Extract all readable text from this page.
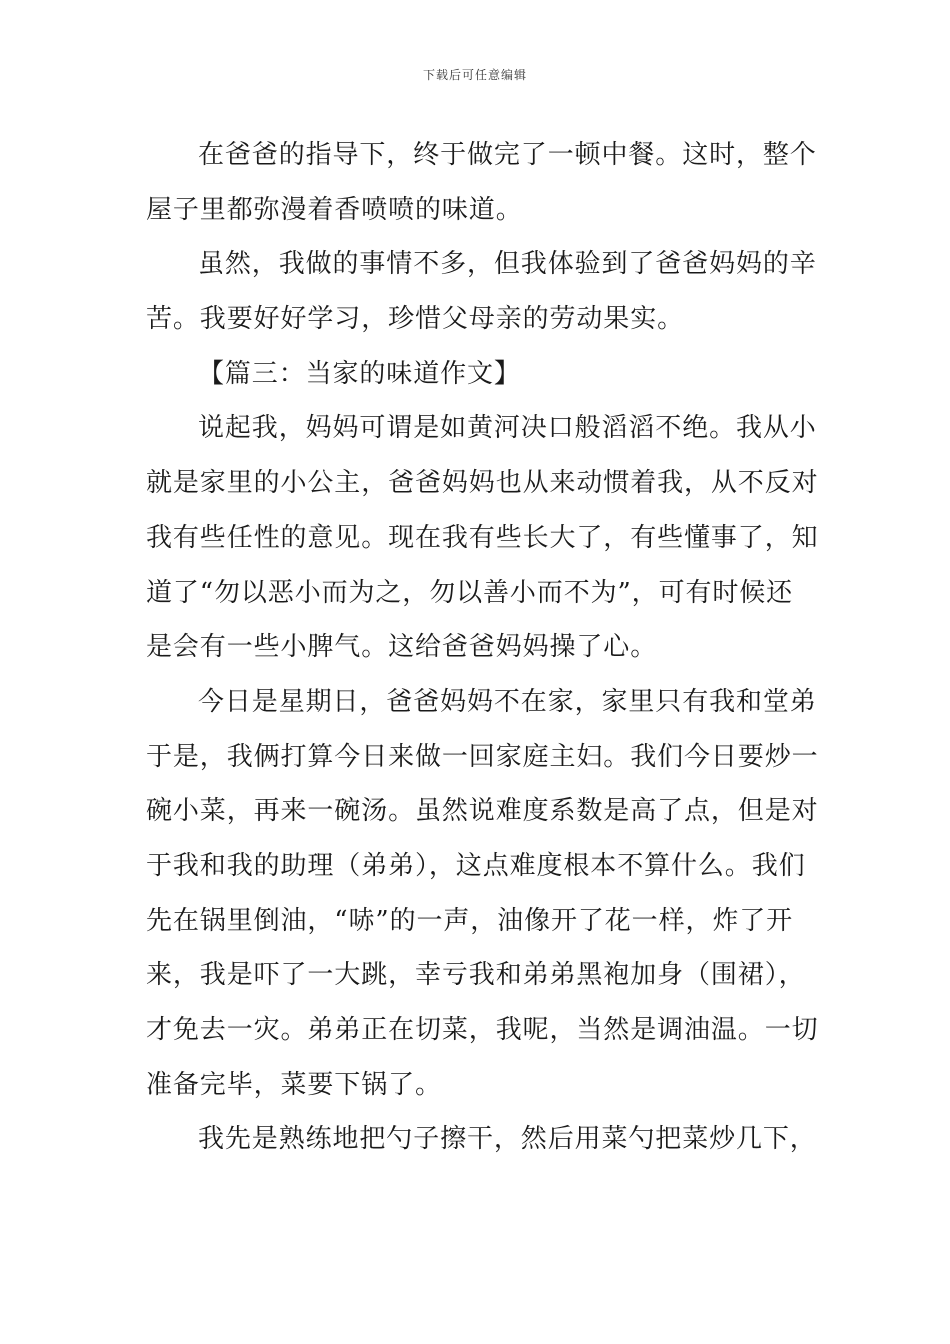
下载后可任意编辑
在爸爸的指导下，终于做完了一顿中餐。这时，整个
屋子里都弥漫着香喷喷的味道。
虽然，我做的事情不多，但我体验到了爸爸妈妈的辛
苦。我要好好学习，珍惜父母亲的劳动果实。
【篇三：当家的味道作文】
说起我，妈妈可谓是如黄河决口般滔滔不绝。我从小
就是家里的小公主，爸爸妈妈也从来动惯着我，从不反对
我有些任性的意见。现在我有些长大了，有些懂事了，知
道了“勿以恶小而为之，勿以善小而不为”，可有时候还
是会有一些小脾气。这给爸爸妈妈操了心。
今日是星期日，爸爸妈妈不在家，家里只有我和堂弟
于是，我俩打算今日来做一回家庭主妇。我们今日要炒一
碗小菜，再来一碗汤。虽然说难度系数是高了点，但是对
于我和我的助理（弟弟），这点难度根本不算什么。我们
先在锅里倒油，“哧”的一声，油像开了花一样，炸了开
来，我是吓了一大跳，幸亏我和弟弟黑袍加身（围裙），
才免去一灾。弟弟正在切菜，我呢，当然是调油温。一切
准备完毕，菜要下锅了。
我先是熟练地把勺子擦干，然后用菜勺把菜炒几下，
